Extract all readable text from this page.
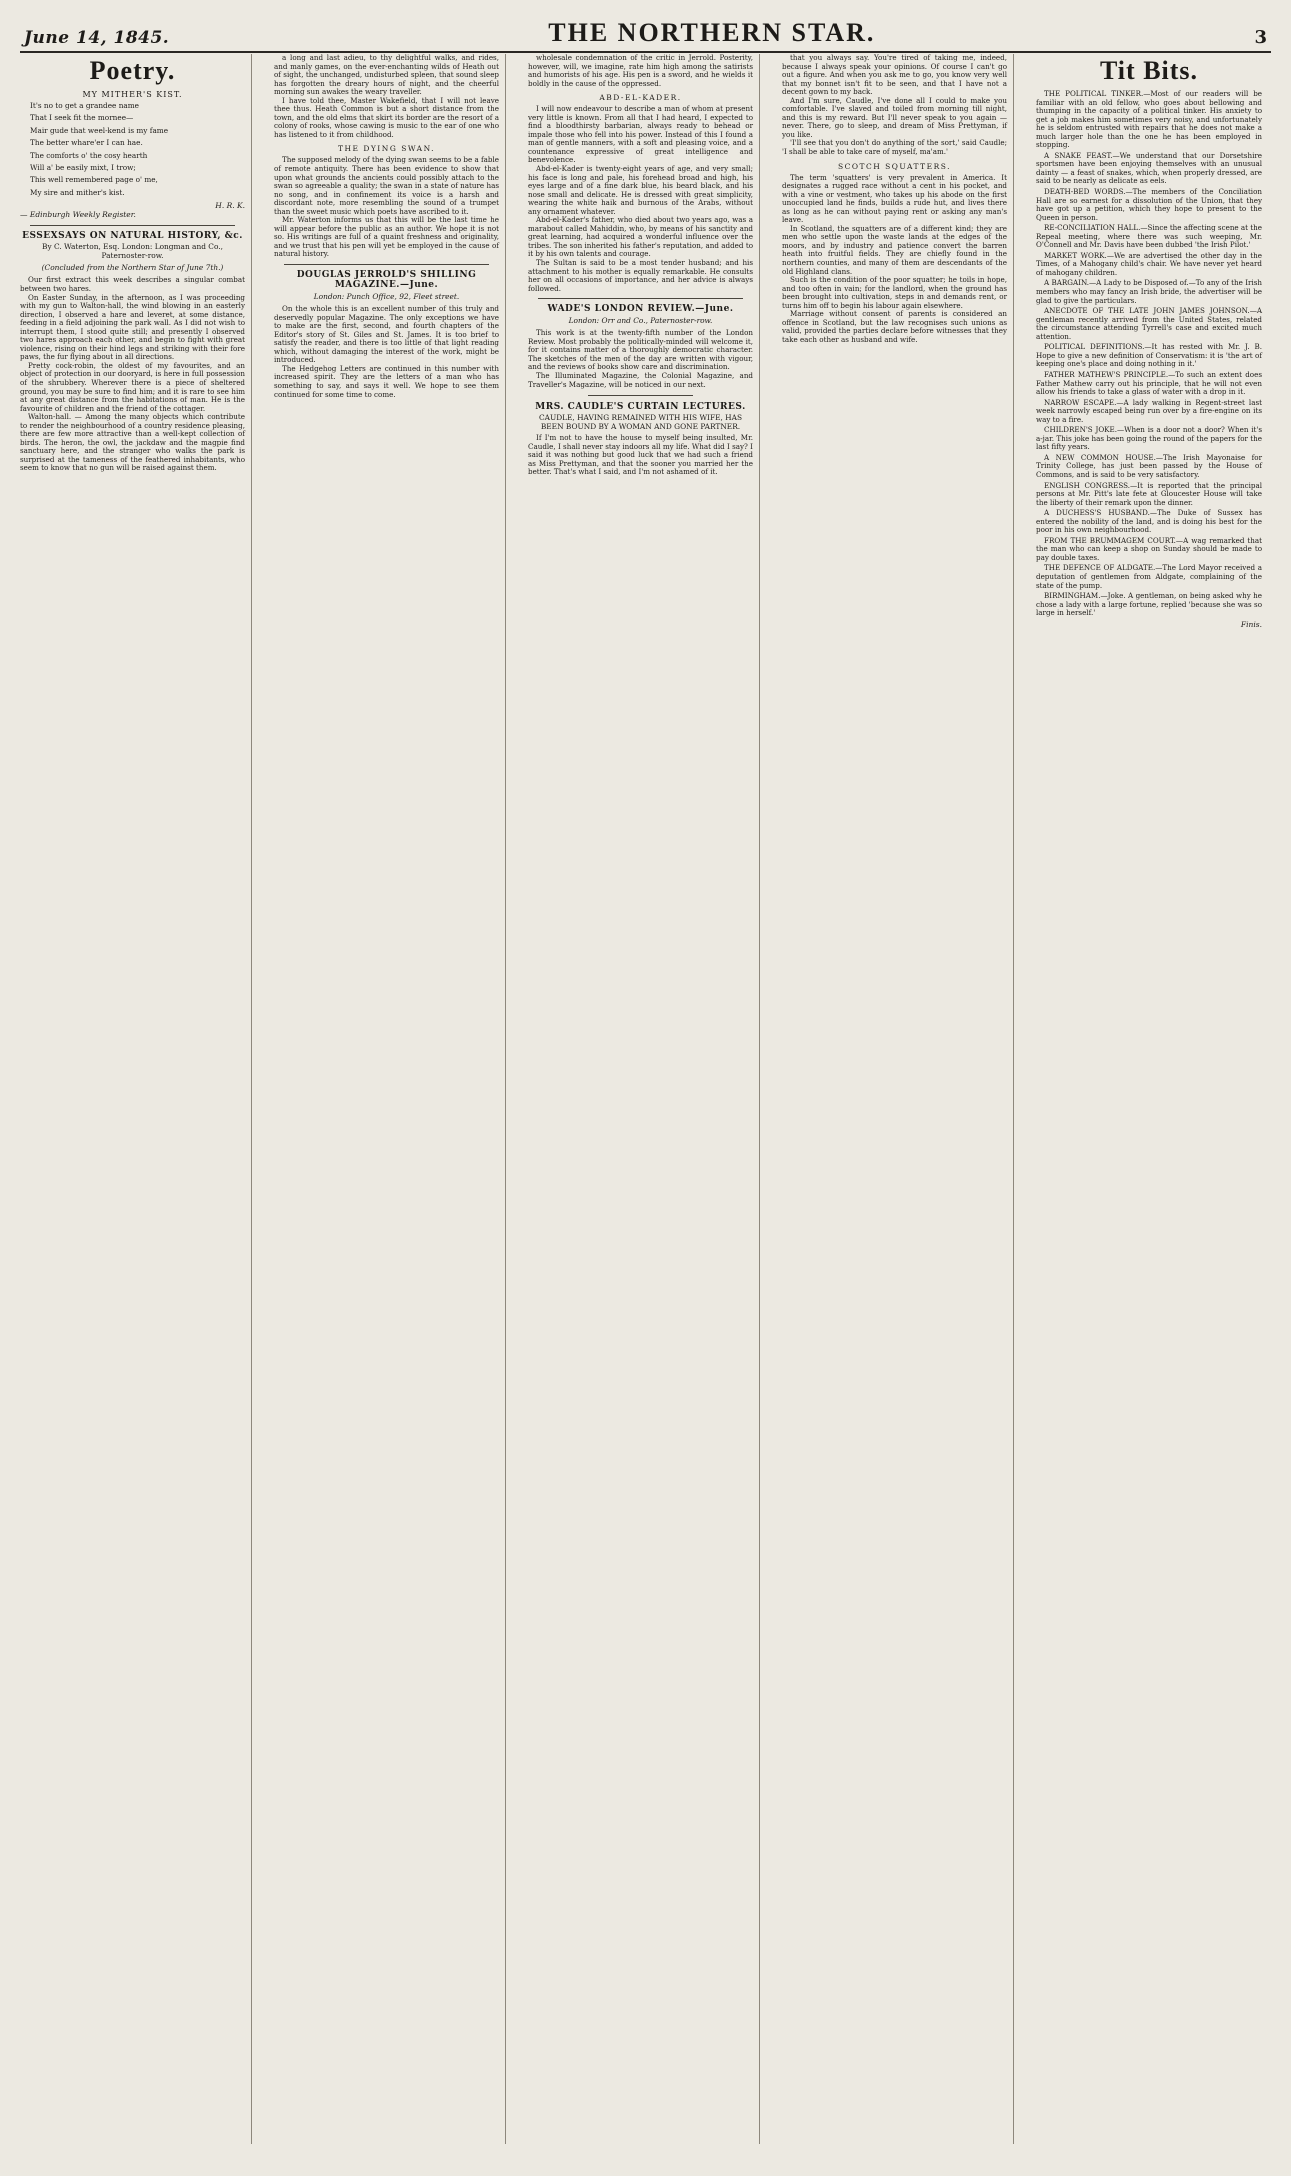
June 14, 1845.	THE NORTHERN STAR.	3
Poetry.
MY MITHER'S KIST.

It's no to get a grandee name

That I seek fit the mornee—

Mair gude that weel-kend is my fame

The better whare'er I can hae.

The comforts o' the cosy hearth

Will a' be easily mixt, I trow;

This well remembered page o' me,

My sire and mither's kist.

H. R. K.
— Edinburgh Weekly Register.
ESSEXSAYS ON NATURAL HISTORY, &c.
By C. Waterton, Esq. London: Longman and Co., Paternoster-row.
(Concluded from the Northern Star of June 7th.)

Our first extract this week describes a singular combat between two hares.

On Easter Sunday, in the afternoon, as I was proceeding with my gun to Walton-hall, the wind blowing in an easterly direction, I observed a hare and leveret, at some distance, feeding in a field adjoining the park wall. As I did not wish to interrupt them, I stood quite still; and presently I observed two hares approach each other, and begin to fight with great violence, rising on their hind legs and striking with their fore paws, the fur flying about in all directions.

Pretty cock-robin, the oldest of my favourites, and an object of protection in our dooryard, is here in full possession of the shrubbery. Wherever there is a piece of sheltered ground, you may be sure to find him; and it is rare to see him at any great distance from the habitations of man. He is the favourite of children and the friend of the cottager.

Walton-hall. — Among the many objects which contribute to render the neighbourhood of a country residence pleasing, there are few more attractive than a well-kept collection of birds. The heron, the owl, the jackdaw and the magpie find sanctuary here, and the stranger who walks the park is surprised at the tameness of the feathered inhabitants, who seem to know that no gun will be raised against them.

a long and last adieu, to thy delightful walks, and rides, and manly games, on the ever-enchanting wilds of Heath out of sight, the unchanged, undisturbed spleen, that sound sleep has forgotten the dreary hours of night, and the cheerful morning sun awakes the weary traveller.

I have told thee, Master Wakefield, that I will not leave thee thus. Heath Common is but a short distance from the town, and the old elms that skirt its border are the resort of a colony of rooks, whose cawing is music to the ear of one who has listened to it from childhood.

THE DYING SWAN.

The supposed melody of the dying swan seems to be a fable of remote antiquity. There has been evidence to show that upon what grounds the ancients could possibly attach to the swan so agreeable a quality; the swan in a state of nature has no song, and in confinement its voice is a harsh and discordant note, more resembling the sound of a trumpet than the sweet music which poets have ascribed to it.

Mr. Waterton informs us that this will be the last time he will appear before the public as an author. We hope it is not so. His writings are full of a quaint freshness and originality, and we trust that his pen will yet be employed in the cause of natural history.

DOUGLAS JERROLD'S SHILLING MAGAZINE.—June.
London: Punch Office, 92, Fleet street.

On the whole this is an excellent number of this truly and deservedly popular Magazine. The only exceptions we have to make are the first, second, and fourth chapters of the Editor's story of St. Giles and St. James. It is too brief to satisfy the reader, and there is too little of that light reading which, without damaging the interest of the work, might be introduced.

The Hedgehog Letters are continued in this number with increased spirit. They are the letters of a man who has something to say, and says it well. We hope to see them continued for some time to come.

wholesale condemnation of the critic in Jerrold. Posterity, however, will, we imagine, rate him high among the satirists and humorists of his age. His pen is a sword, and he wields it boldly in the cause of the oppressed.

ABD-EL-KADER.

I will now endeavour to describe a man of whom at present very little is known. From all that I had heard, I expected to find a bloodthirsty barbarian, always ready to behead or impale those who fell into his power. Instead of this I found a man of gentle manners, with a soft and pleasing voice, and a countenance expressive of great intelligence and benevolence.

Abd-el-Kader is twenty-eight years of age, and very small; his face is long and pale, his forehead broad and high, his eyes large and of a fine dark blue, his beard black, and his nose small and delicate. He is dressed with great simplicity, wearing the white haik and burnous of the Arabs, without any ornament whatever.

Abd-el-Kader's father, who died about two years ago, was a marabout called Mahiddin, who, by means of his sanctity and great learning, had acquired a wonderful influence over the tribes. The son inherited his father's reputation, and added to it by his own talents and courage.

The Sultan is said to be a most tender husband; and his attachment to his mother is equally remarkable. He consults her on all occasions of importance, and her advice is always followed.

WADE'S LONDON REVIEW.—June.
London: Orr and Co., Paternoster-row.

This work is at the twenty-fifth number of the London Review. Most probably the politically-minded will welcome it, for it contains matter of a thoroughly democratic character. The sketches of the men of the day are written with vigour, and the reviews of books show care and discrimination.

The Illuminated Magazine, the Colonial Magazine, and Traveller's Magazine, will be noticed in our next.

MRS. CAUDLE'S CURTAIN LECTURES.
CAUDLE, HAVING REMAINED WITH HIS WIFE, HAS BEEN BOUND BY A WOMAN AND GONE PARTNER.

If I'm not to have the house to myself being insulted, Mr. Caudle, I shall never stay indoors all my life. What did I say? I said it was nothing but good luck that we had such a friend as Miss Prettyman, and that the sooner you married her the better. That's what I said, and I'm not ashamed of it.

that you always say. You're tired of taking me, indeed, because I always speak your opinions. Of course I can't go out a figure. And when you ask me to go, you know very well that my bonnet isn't fit to be seen, and that I have not a decent gown to my back.

And I'm sure, Caudle, I've done all I could to make you comfortable. I've slaved and toiled from morning till night, and this is my reward. But I'll never speak to you again — never. There, go to sleep, and dream of Miss Prettyman, if you like.

'I'll see that you don't do anything of the sort,' said Caudle; 'I shall be able to take care of myself, ma'am.'

SCOTCH SQUATTERS.

The term 'squatters' is very prevalent in America. It designates a rugged race without a cent in his pocket, and with a vine or vestment, who takes up his abode on the first unoccupied land he finds, builds a rude hut, and lives there as long as he can without paying rent or asking any man's leave.

In Scotland, the squatters are of a different kind; they are men who settle upon the waste lands at the edges of the moors, and by industry and patience convert the barren heath into fruitful fields. They are chiefly found in the northern counties, and many of them are descendants of the old Highland clans.

Such is the condition of the poor squatter; he toils in hope, and too often in vain; for the landlord, when the ground has been brought into cultivation, steps in and demands rent, or turns him off to begin his labour again elsewhere.

Marriage without consent of parents is considered an offence in Scotland, but the law recognises such unions as valid, provided the parties declare before witnesses that they take each other as husband and wife.

Tit Bits.

THE POLITICAL TINKER.—Most of our readers will be familiar with an old fellow, who goes about bellowing and thumping in the capacity of a political tinker. His anxiety to get a job makes him sometimes very noisy, and unfortunately he is seldom entrusted with repairs that he does not make a much larger hole than the one he has been employed in stopping.

A SNAKE FEAST.—We understand that our Dorsetshire sportsmen have been enjoying themselves with an unusual dainty — a feast of snakes, which, when properly dressed, are said to be nearly as delicate as eels.

DEATH-BED WORDS.—The members of the Conciliation Hall are so earnest for a dissolution of the Union, that they have got up a petition, which they hope to present to the Queen in person.

RE-CONCILIATION HALL.—Since the affecting scene at the Repeal meeting, where there was such weeping, Mr. O'Connell and Mr. Davis have been dubbed 'the Irish Pilot.'

MARKET WORK.—We are advertised the other day in the Times, of a Mahogany child's chair. We have never yet heard of mahogany children.

A BARGAIN.—A Lady to be Disposed of.—To any of the Irish members who may fancy an Irish bride, the advertiser will be glad to give the particulars.

ANECDOTE OF THE LATE JOHN JAMES JOHNSON.—A gentleman recently arrived from the United States, related the circumstance attending Tyrrell's case and excited much attention.

POLITICAL DEFINITIONS.—It has rested with Mr. J. B. Hope to give a new definition of Conservatism: it is 'the art of keeping one's place and doing nothing in it.'

FATHER MATHEW'S PRINCIPLE.—To such an extent does Father Mathew carry out his principle, that he will not even allow his friends to take a glass of water with a drop in it.

NARROW ESCAPE.—A lady walking in Regent-street last week narrowly escaped being run over by a fire-engine on its way to a fire.

CHILDREN'S JOKE.—When is a door not a door? When it's a-jar. This joke has been going the round of the papers for the last fifty years.

A NEW COMMON HOUSE.—The Irish Mayonaise for Trinity College, has just been passed by the House of Commons, and is said to be very satisfactory.

ENGLISH CONGRESS.—It is reported that the principal persons at Mr. Pitt's late fete at Gloucester House will take the liberty of their remark upon the dinner.

A DUCHESS'S HUSBAND.—The Duke of Sussex has entered the nobility of the land, and is doing his best for the poor in his own neighbourhood.

FROM THE BRUMMAGEM COURT.—A wag remarked that the man who can keep a shop on Sunday should be made to pay double taxes.

THE DEFENCE OF ALDGATE.—The Lord Mayor received a deputation of gentlemen from Aldgate, complaining of the state of the pump.

BIRMINGHAM.—Joke. A gentleman, on being asked why he chose a lady with a large fortune, replied 'because she was so large in herself.'

Finis.
